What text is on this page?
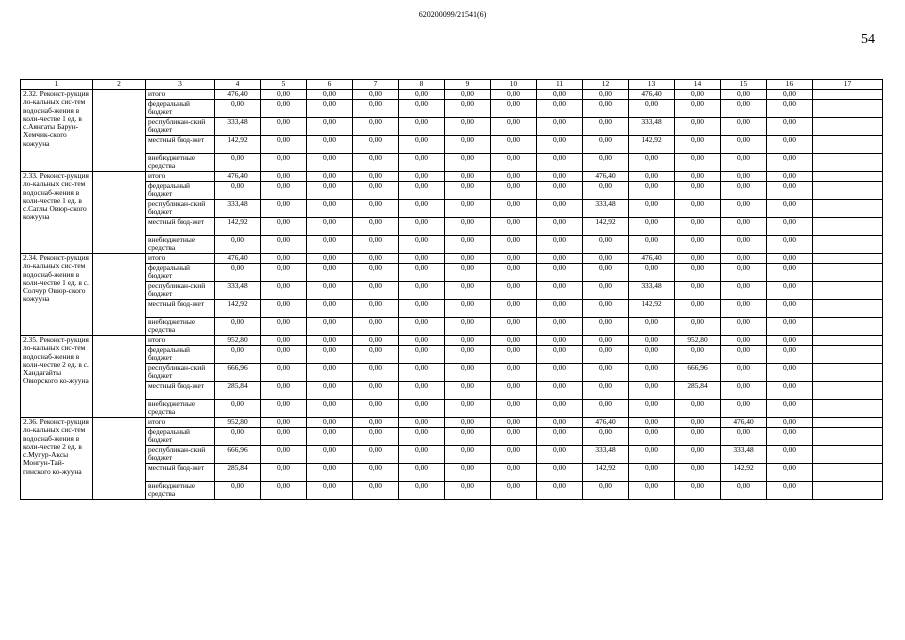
620200099/21541(6)
54
1	2	3	4	5	6	7	8	9	10	11	12	13	14	15	16	17
2.32. Реконст-рукция ло-кальных сис-тем водоснаб-жения в коли-честве 1 ед. в с.Аянгаты Барун-Хемчик-ского кожууна		итого	476,40	0,00	0,00	0,00	0,00	0,00	0,00	0,00	0,00	476,40	0,00	0,00	0,00	
		федеральный бюджет	0,00	0,00	0,00	0,00	0,00	0,00	0,00	0,00	0,00	0,00	0,00	0,00	0,00	
		республикан-ский бюджет	333,48	0,00	0,00	0,00	0,00	0,00	0,00	0,00	0,00	333,48	0,00	0,00	0,00	
		местный бюд-жет	142,92	0,00	0,00	0,00	0,00	0,00	0,00	0,00	0,00	142,92	0,00	0,00	0,00	
		внебюджетные средства	0,00	0,00	0,00	0,00	0,00	0,00	0,00	0,00	0,00	0,00	0,00	0,00	0,00	
2.33. Реконст-рукция ло-кальных сис-тем водоснаб-жения в коли-честве 1 ед. в с.Саглы Овюр-ского кожууна		итого	476,40	0,00	0,00	0,00	0,00	0,00	0,00	0,00	476,40	0,00	0,00	0,00	0,00	
		федеральный бюджет	0,00	0,00	0,00	0,00	0,00	0,00	0,00	0,00	0,00	0,00	0,00	0,00	0,00	
		республикан-ский бюджет	333,48	0,00	0,00	0,00	0,00	0,00	0,00	0,00	333,48	0,00	0,00	0,00	0,00	
		местный бюд-жет	142,92	0,00	0,00	0,00	0,00	0,00	0,00	0,00	142,92	0,00	0,00	0,00	0,00	
		внебюджетные средства	0,00	0,00	0,00	0,00	0,00	0,00	0,00	0,00	0,00	0,00	0,00	0,00	0,00	
2.34. Реконст-рукция ло-кальных сис-тем водоснаб-жения в коли-честве 1 ед. в с. Солчур Овюр-ского кожууна		итого	476,40	0,00	0,00	0,00	0,00	0,00	0,00	0,00	0,00	476,40	0,00	0,00	0,00	
		федеральный бюджет	0,00	0,00	0,00	0,00	0,00	0,00	0,00	0,00	0,00	0,00	0,00	0,00	0,00	
		республикан-ский бюджет	333,48	0,00	0,00	0,00	0,00	0,00	0,00	0,00	0,00	333,48	0,00	0,00	0,00	
		местный бюд-жет	142,92	0,00	0,00	0,00	0,00	0,00	0,00	0,00	0,00	142,92	0,00	0,00	0,00	
		внебюджетные средства	0,00	0,00	0,00	0,00	0,00	0,00	0,00	0,00	0,00	0,00	0,00	0,00	0,00	
2.35. Реконст-рукция ло-кальных сис-тем водоснаб-жения в коли-честве 2 ед. в с. Хандагайты Овюрского ко-жууна		итого	952,80	0,00	0,00	0,00	0,00	0,00	0,00	0,00	0,00	0,00	952,80	0,00	0,00	
		федеральный бюджет	0,00	0,00	0,00	0,00	0,00	0,00	0,00	0,00	0,00	0,00	0,00	0,00	0,00	
		республикан-ский бюджет	666,96	0,00	0,00	0,00	0,00	0,00	0,00	0,00	0,00	0,00	666,96	0,00	0,00	
		местный бюд-жет	285,84	0,00	0,00	0,00	0,00	0,00	0,00	0,00	0,00	0,00	285,84	0,00	0,00	
		внебюджетные средства	0,00	0,00	0,00	0,00	0,00	0,00	0,00	0,00	0,00	0,00	0,00	0,00	0,00	
2.36. Реконст-рукция ло-кальных сис-тем водоснаб-жения в коли-честве 2 ед. в с.Мугур-Аксы Монгун-Тай-гинского ко-жууна		итого	952,80	0,00	0,00	0,00	0,00	0,00	0,00	0,00	476,40	0,00	0,00	476,40	0,00	
		федеральный бюджет	0,00	0,00	0,00	0,00	0,00	0,00	0,00	0,00	0,00	0,00	0,00	0,00	0,00	
		республикан-ский бюджет	666,96	0,00	0,00	0,00	0,00	0,00	0,00	0,00	333,48	0,00	0,00	333,48	0,00	
		местный бюд-жет	285,84	0,00	0,00	0,00	0,00	0,00	0,00	0,00	142,92	0,00	0,00	142,92	0,00	
		внебюджетные средства	0,00	0,00	0,00	0,00	0,00	0,00	0,00	0,00	0,00	0,00	0,00	0,00	0,00	
